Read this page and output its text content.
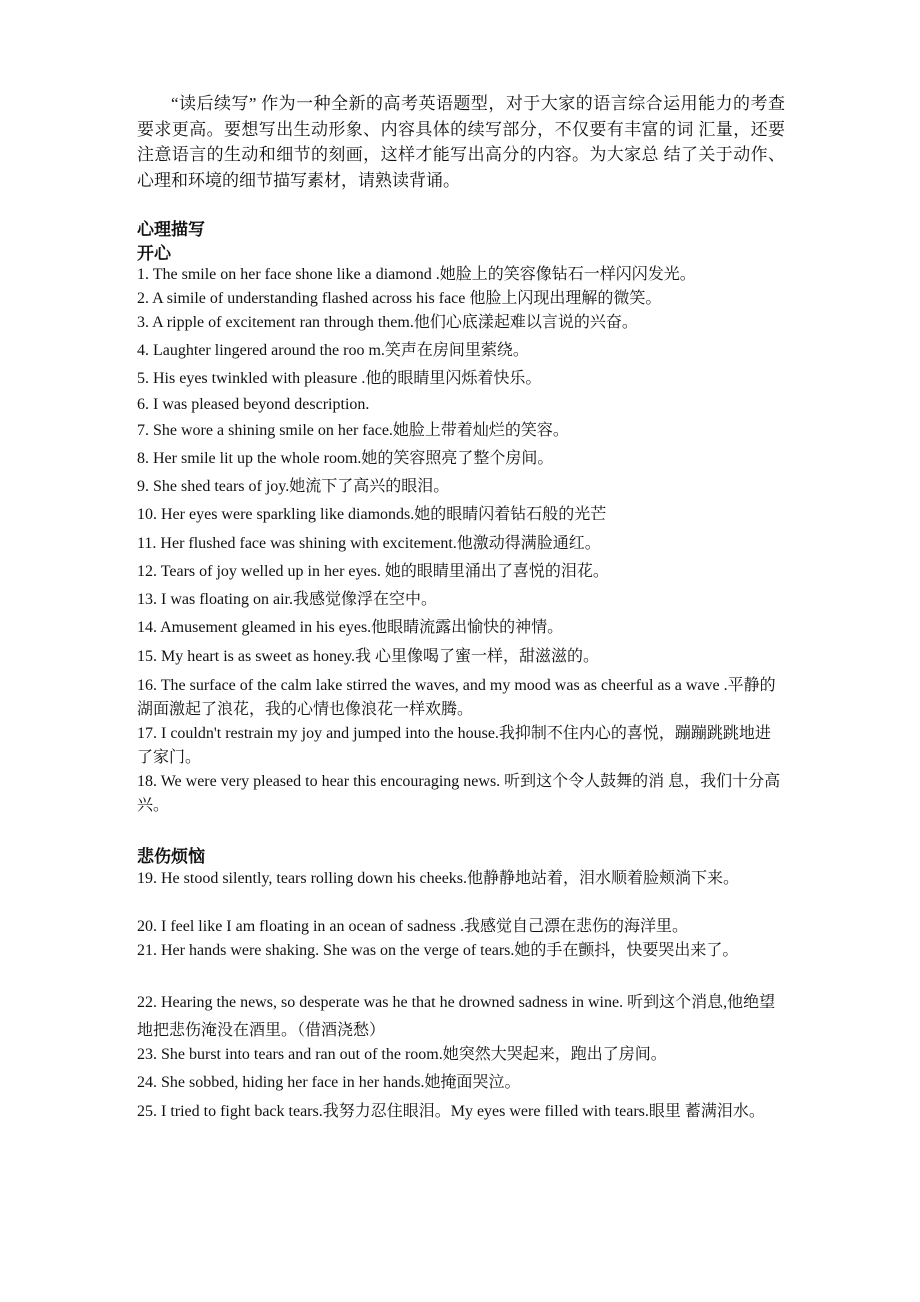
“读后续写” 作为一种全新的高考英语题型，对于大家的语言综合运用能力的考查要求更高。要想写出生动形象、内容具体的续写部分，不仅要有丰富的词 汇量，还要注意语言的生动和细节的刻画，这样才能写出高分的内容。为大家总 结了关于动作、心理和环境的细节描写素材，请熟读背诵。

心理描写

开心

悲伤烦恼

1. The smile on her face shone like a diamond .她脸上的笑容像钻石一样闪闪发光。

2. A simile of understanding flashed across his face 他脸上闪现出理解的微笑。

3. A ripple of excitement ran through them.他们心底漾起难以言说的兴奋。

4. Laughter lingered around the roo m.笑声在房间里萦绕。

5. His eyes twinkled with pleasure .他的眼睛里闪烁着快乐。

6. I was pleased beyond description.

7. She wore a shining smile on her face.她脸上带着灿烂的笑容。

8. Her smile lit up the whole room.她的笑容照亮了整个房间。

9. She shed tears of joy.她流下了高兴的眼泪。

10. Her eyes were sparkling like diamonds.她的眼睛闪着钻石般的光芒

11. Her flushed face was shining with excitement.他激动得满脸通红。

12. Tears of joy welled up in her eyes. 她的眼睛里涌出了喜悦的泪花。

13. I was floating on air.我感觉像浮在空中。

14. Amusement gleamed in his eyes.他眼睛流露出愉快的神情。

15. My heart is as sweet as honey.我 心里像喝了蜜一样，甜滋滋的。

16. The surface of the calm lake stirred the waves, and my mood was as cheerful as a wave .平静的湖面激起了浪花，我的心情也像浪花一样欢腾。

17. I couldn't restrain my joy and jumped into the house.我抑制不住内心的喜悦，蹦蹦跳跳地进了家门。

18. We were very pleased to hear this encouraging news. 听到这个令人鼓舞的消 息，我们十分高兴。

19. He stood silently, tears rolling down his cheeks.他静静地站着，泪水顺着脸颊淌下来。

20. I feel like I am floating in an ocean of sadness .我感觉自己漂在悲伤的海洋里。

21. Her hands were shaking. She was on the verge of tears.她的手在颤抖，快要哭出来了。

22. Hearing the news, so desperate was he that he drowned sadness in wine. 听到这个消息,他绝望地把悲伤淹没在酒里。（借酒浇愁）

23. She burst into tears and ran out of the room.她突然大哭起来，跑出了房间。

24. She sobbed, hiding her face in her hands.她掩面哭泣。

25. I tried to fight back tears.我努力忍住眼泪。My eyes were filled with tears.眼里 蓄满泪水。
